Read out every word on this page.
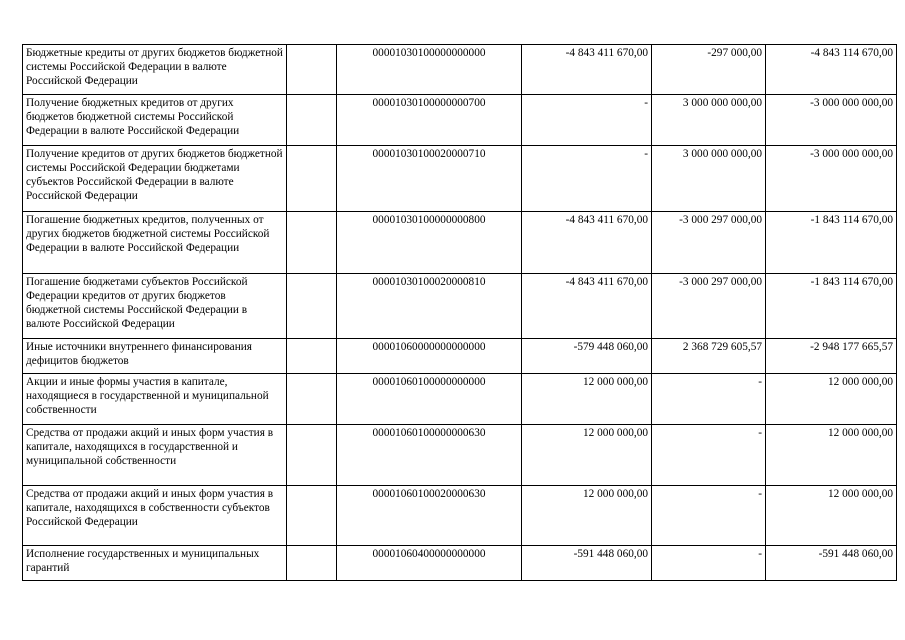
Бюджетные кредиты от других бюджетов бюджетной системы Российской Федерации в валюте Российской Федерации		00001030100000000000	-4 843 411 670,00	-297 000,00	-4 843 114 670,00
Получение бюджетных кредитов от других бюджетов бюджетной системы Российской Федерации в валюте Российской Федерации		00001030100000000700	-	3 000 000 000,00	-3 000 000 000,00
Получение кредитов от других бюджетов бюджетной системы Российской Федерации бюджетами субъектов Российской Федерации в валюте Российской Федерации		00001030100020000710	-	3 000 000 000,00	-3 000 000 000,00
Погашение бюджетных кредитов, полученных от других бюджетов бюджетной системы Российской Федерации в валюте Российской Федерации		00001030100000000800	-4 843 411 670,00	-3 000 297 000,00	-1 843 114 670,00
Погашение бюджетами субъектов Российской Федерации кредитов от других бюджетов бюджетной системы Российской Федерации в валюте Российской Федерации		00001030100020000810	-4 843 411 670,00	-3 000 297 000,00	-1 843 114 670,00
Иные источники внутреннего финансирования дефицитов бюджетов		00001060000000000000	-579 448 060,00	2 368 729 605,57	-2 948 177 665,57
Акции и иные формы участия в капитале, находящиеся в государственной и муниципальной собственности		00001060100000000000	12 000 000,00	-	12 000 000,00
Средства от продажи акций и иных форм участия в капитале, находящихся в государственной и муниципальной собственности		00001060100000000630	12 000 000,00	-	12 000 000,00
Средства от продажи акций и иных форм участия в капитале, находящихся в собственности субъектов Российской Федерации		00001060100020000630	12 000 000,00	-	12 000 000,00
Исполнение государственных и муниципальных гарантий		00001060400000000000	-591 448 060,00	-	-591 448 060,00
